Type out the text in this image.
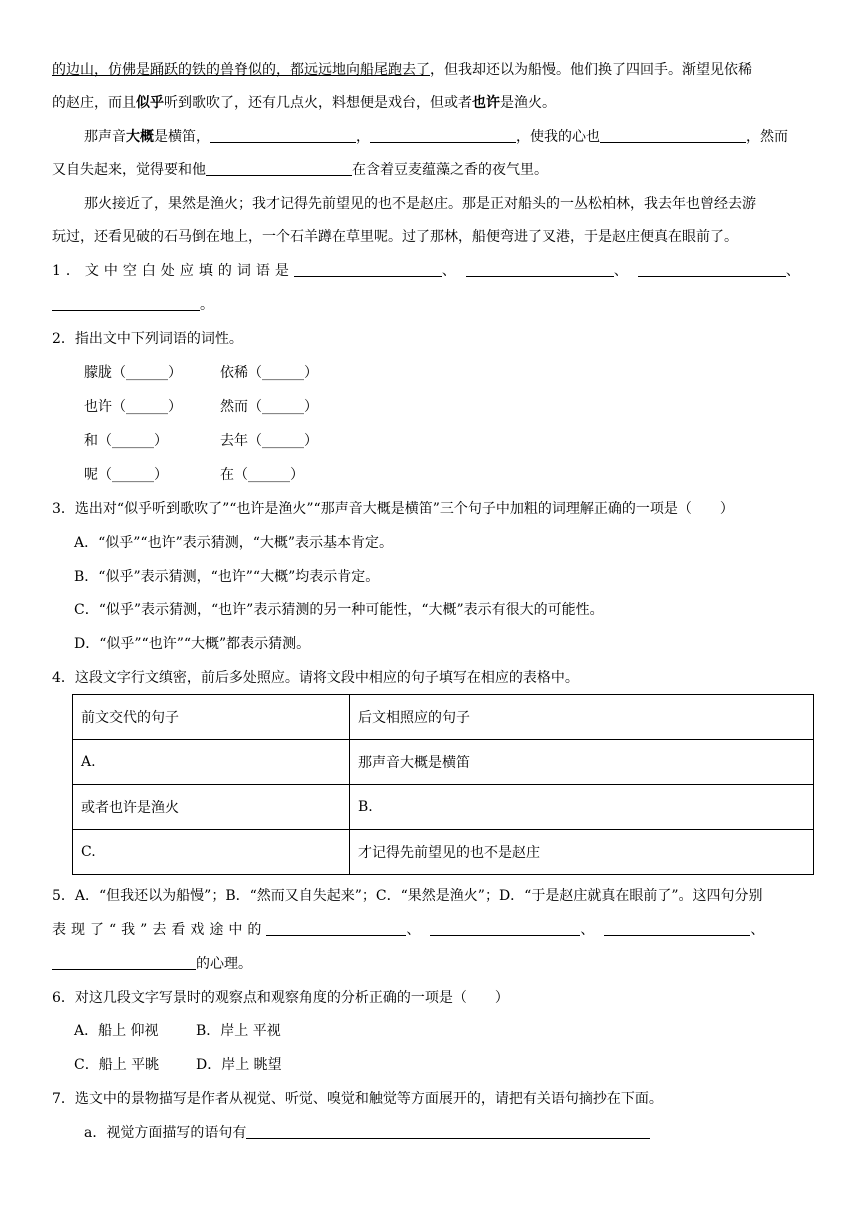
的边山，仿佛是踊跃的铁的兽脊似的，都远远地向船尾跑去了，但我却还以为船慢。他们换了四回手。渐望见依稀
的赵庄，而且似乎听到歌吹了，还有几点火，料想便是戏台，但或者也许是渔火。
那声音大概是横笛，	，	，使我的心也	，然而
又自失起来，觉得要和他	在含着豆麦蕴藻之香的夜气里。
那火接近了，果然是渔火；我才记得先前望见的也不是赵庄。那是正对船头的一丛松柏林，我去年也曾经去游
玩过，还看见破的石马倒在地上，一个石羊蹲在草里呢。过了那林，船便弯进了叉港，于是赵庄便真在眼前了。
1．文中空白处应填的词语是	、	、	、
。
2．指出文中下列词语的词性。
朦胧（______）	依稀（______）
也许（______）	然而（______）
和（______）	去年（______）
呢（______）	在（______）
3．选出对“似乎听到歌吹了”“也许是渔火”“那声音大概是横笛”三个句子中加粗的词理解正确的一项是（　　）
A．“似乎”“也许”表示猜测，“大概”表示基本肯定。
B．“似乎”表示猜测，“也许”“大概”均表示肯定。
C．“似乎”表示猜测，“也许”表示猜测的另一种可能性，“大概”表示有很大的可能性。
D．“似乎”“也许”“大概”都表示猜测。
4．这段文字行文缜密，前后多处照应。请将文段中相应的句子填写在相应的表格中。
前文交代的句子	后文相照应的句子
A.	那声音大概是横笛
或者也许是渔火	B.
C.	才记得先前望见的也不是赵庄
5．A．“但我还以为船慢”；B．“然而又自失起来”；C．“果然是渔火”；D．“于是赵庄就真在眼前了”。这四句分别
表现了“我”去看戏途中的	、	、	、
的心理。
6．对这几段文字写景时的观察点和观察角度的分析正确的一项是（　　）
A．船上 仰视	B．岸上 平视
C．船上 平眺	D．岸上 眺望
7．选文中的景物描写是作者从视觉、听觉、嗅觉和触觉等方面展开的，请把有关语句摘抄在下面。
a．视觉方面描写的语句有
